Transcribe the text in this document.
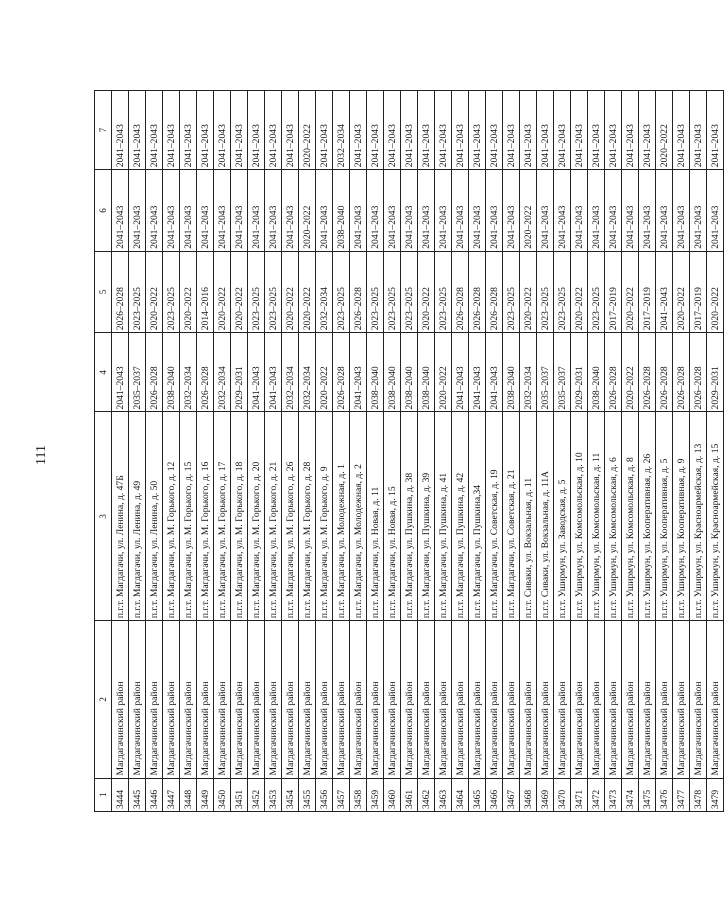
111
1	2	3	4	5	6	7
3444	Магдагачинский район	п.г.т. Магдагачи, ул. Ленина, д. 47Б	2041–2043	2026–2028	2041–2043	2041–2043
3445	Магдагачинский район	п.г.т. Магдагачи, ул. Ленина, д. 49	2035–2037	2023–2025	2041–2043	2041–2043
3446	Магдагачинский район	п.г.т. Магдагачи, ул. Ленина, д. 50	2026–2028	2020–2022	2041–2043	2041–2043
3447	Магдагачинский район	п.г.т. Магдагачи, ул. М. Горького, д. 12	2038–2040	2023–2025	2041–2043	2041–2043
3448	Магдагачинский район	п.г.т. Магдагачи, ул. М. Горького, д. 15	2032–2034	2020–2022	2041–2043	2041–2043
3449	Магдагачинский район	п.г.т. Магдагачи, ул. М. Горького, д. 16	2026–2028	2014–2016	2041–2043	2041–2043
3450	Магдагачинский район	п.г.т. Магдагачи, ул. М. Горького, д. 17	2032–2034	2020–2022	2041–2043	2041–2043
3451	Магдагачинский район	п.г.т. Магдагачи, ул. М. Горького, д. 18	2029–2031	2020–2022	2041–2043	2041–2043
3452	Магдагачинский район	п.г.т. Магдагачи, ул. М. Горького, д. 20	2041–2043	2023–2025	2041–2043	2041–2043
3453	Магдагачинский район	п.г.т. Магдагачи, ул. М. Горького, д. 21	2041–2043	2023–2025	2041–2043	2041–2043
3454	Магдагачинский район	п.г.т. Магдагачи, ул. М. Горького, д. 26	2032–2034	2020–2022	2041–2043	2041–2043
3455	Магдагачинский район	п.г.т. Магдагачи, ул. М. Горького, д. 28	2032–2034	2020–2022	2020–2022	2020–2022
3456	Магдагачинский район	п.г.т. Магдагачи, ул. М. Горького, д. 9	2020–2022	2032–2034	2041–2043	2041–2043
3457	Магдагачинский район	п.г.т. Магдагачи, ул. Молодежная, д. 1	2026–2028	2023–2025	2038–2040	2032–2034
3458	Магдагачинский район	п.г.т. Магдагачи, ул. Молодежная, д. 2	2041–2043	2026–2028	2041–2043	2041–2043
3459	Магдагачинский район	п.г.т. Магдагачи, ул. Новая, д. 11	2038–2040	2023–2025	2041–2043	2041–2043
3460	Магдагачинский район	п.г.т. Магдагачи, ул. Новая, д. 15	2038–2040	2023–2025	2041–2043	2041–2043
3461	Магдагачинский район	п.г.т. Магдагачи, ул. Пушкина, д. 38	2038–2040	2023–2025	2041–2043	2041–2043
3462	Магдагачинский район	п.г.т. Магдагачи, ул. Пушкина, д. 39	2038–2040	2020–2022	2041–2043	2041–2043
3463	Магдагачинский район	п.г.т. Магдагачи, ул. Пушкина, д. 41	2020–2022	2023–2025	2041–2043	2041–2043
3464	Магдагачинский район	п.г.т. Магдагачи, ул. Пушкина, д. 42	2041–2043	2026–2028	2041–2043	2041–2043
3465	Магдагачинский район	п.г.т. Магдагачи, ул. Пушкина,34	2041–2043	2026–2028	2041–2043	2041–2043
3466	Магдагачинский район	п.г.т. Магдагачи, ул. Советская, д. 19	2041–2043	2026–2028	2041–2043	2041–2043
3467	Магдагачинский район	п.г.т. Магдагачи, ул. Советская, д. 21	2038–2040	2023–2025	2041–2043	2041–2043
3468	Магдагачинский район	п.г.т. Сиваки, ул. Вокзальная, д. 11	2032–2034	2020–2022	2020–2022	2041–2043
3469	Магдагачинский район	п.г.т. Сиваки, ул. Вокзальная, д. 11А	2035–2037	2023–2025	2041–2043	2041–2043
3470	Магдагачинский район	п.г.т. Уширмун, ул. Заводская, д. 5	2035–2037	2023–2025	2041–2043	2041–2043
3471	Магдагачинский район	п.г.т. Уширмун, ул. Комсомольская, д. 10	2029–2031	2020–2022	2041–2043	2041–2043
3472	Магдагачинский район	п.г.т. Уширмун, ул. Комсомольская, д. 11	2038–2040	2023–2025	2041–2043	2041–2043
3473	Магдагачинский район	п.г.т. Уширмун, ул. Комсомольская, д. 6	2026–2028	2017–2019	2041–2043	2041–2043
3474	Магдагачинский район	п.г.т. Уширмун, ул. Комсомольская, д. 8	2020–2022	2020–2022	2041–2043	2041–2043
3475	Магдагачинский район	п.г.т. Уширмун, ул. Кооперативная, д. 26	2026–2028	2017–2019	2041–2043	2041–2043
3476	Магдагачинский район	п.г.т. Уширмун, ул. Кооперативная, д. 5	2026–2028	2041–2043	2041–2043	2020–2022
3477	Магдагачинский район	п.г.т. Уширмун, ул. Кооперативная, д. 9	2026–2028	2020–2022	2041–2043	2041–2043
3478	Магдагачинский район	п.г.т. Уширмун, ул. Красноармейская, д. 13	2026–2028	2017–2019	2041–2043	2041–2043
3479	Магдагачинский район	п.г.т. Уширмун, ул. Красноармейская, д. 15	2029–2031	2020–2022	2041–2043	2041–2043
